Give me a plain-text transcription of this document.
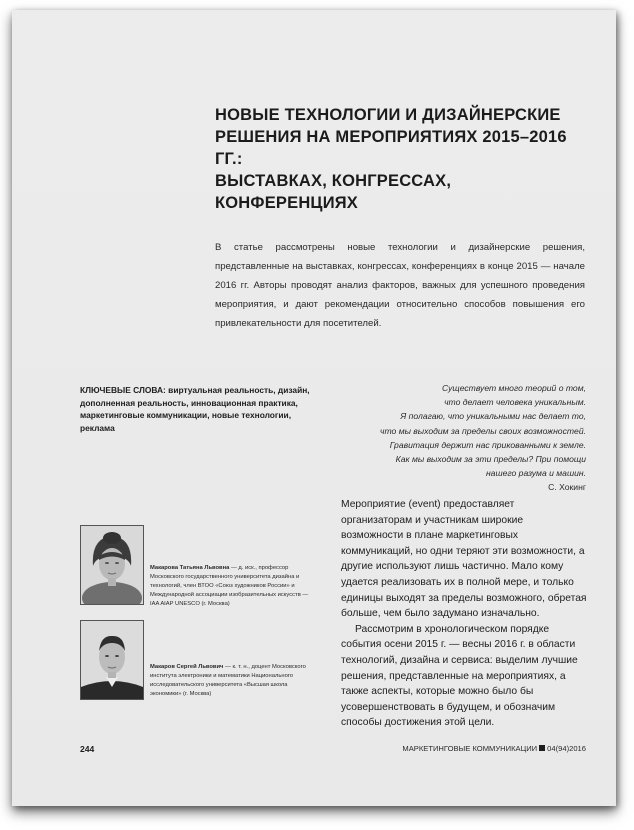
НОВЫЕ ТЕХНОЛОГИИ И ДИЗАЙНЕРСКИЕ
РЕШЕНИЯ НА МЕРОПРИЯТИЯХ 2015–2016 ГГ.:
ВЫСТАВКАХ, КОНГРЕССАХ, КОНФЕРЕНЦИЯХ

В статье рассмотрены новые технологии и дизайнерские решения, представленные на выставках, конгрессах, конференциях в конце 2015 — начале 2016 гг. Авторы проводят анализ факторов, важных для успешного проведения мероприятия, и дают рекомендации относительно способов повышения его привлекательности для посетителей.

КЛЮЧЕВЫЕ СЛОВА: виртуальная реальность, дизайн, дополненная реальность, инновационная практика, маркетинговые коммуникации, новые технологии, реклама

Существует много теорий о том,
что делает человека уникальным.
Я полагаю, что уникальными нас делает то,
что мы выходим за пределы своих возможностей.
Гравитация держит нас прикованными к земле.
Как мы выходим за эти пределы? При помощи
нашего разума и машин.
С. Хокинг

Мероприятие (event) предоставляет организаторам и участникам широкие возможности в плане маркетинговых коммуникаций, но одни теряют эти возможности, а другие используют лишь частично. Мало кому удается реализовать их в полной мере, и только единицы выходят за пределы возможного, обретая больше, чем было задумано изначально.

Рассмотрим в хронологическом порядке события осени 2015 г. — весны 2016 г. в области технологий, дизайна и сервиса: выделим лучшие решения, представленные на мероприятиях, а также аспекты, которые можно было бы усовершенствовать в будущем, и обозначим способы достижения этой цели.

Макарова Татьяна Львовна — д. иск., профессор Московского государственного университета дизайна и технологий, член ВТОО «Союз художников России» и Международной ассоциации изобразительных искусств — IAA AIAP UNESCO (г. Москва)

Макаров Сергей Львович — к. т. н., доцент Московского института электроники и математики Национального исследовательского университета «Высшая школа экономики» (г. Москва)

244	МАРКЕТИНГОВЫЕ КОММУНИКАЦИИ 04(94)2016
